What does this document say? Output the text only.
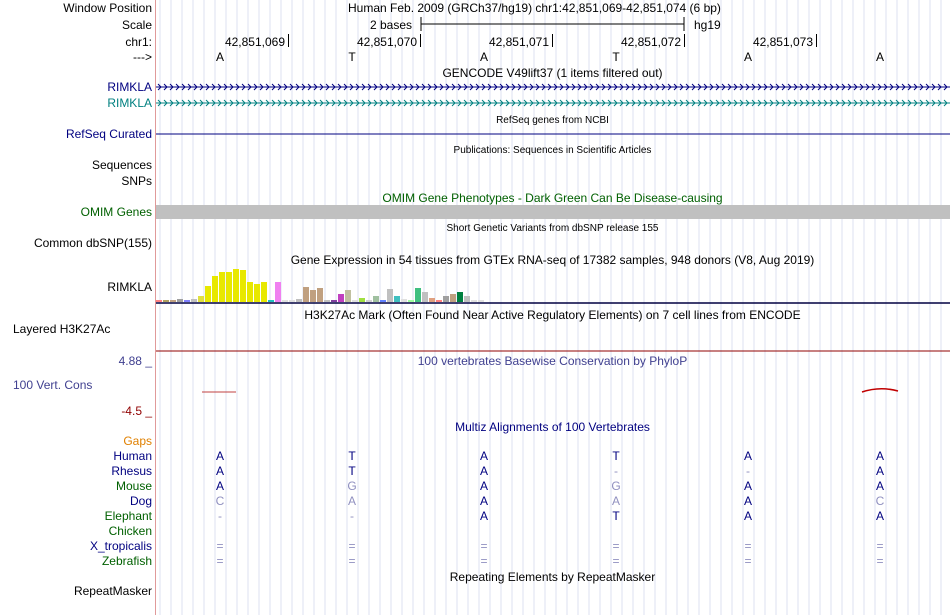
Window Position	Human Feb. 2009 (GRCh37/hg19) chr1:42,851,069-42,851,074 (6 bp)
Scale	2 bases	hg19
chr1:	42,851,069	42,851,070	42,851,071	42,851,072	42,851,073
--->	A	T	A	T	A	A
GENCODE V49lift37 (1 items filtered out)
RIMKLA
RIMKLA
RefSeq genes from NCBI
RefSeq Curated
Publications: Sequences in Scientific Articles
Sequences
SNPs
OMIM Gene Phenotypes - Dark Green Can Be Disease-causing
OMIM Genes
Short Genetic Variants from dbSNP release 155
Common dbSNP(155)
Gene Expression in 54 tissues from GTEx RNA-seq of 17382 samples, 948 donors (V8, Aug 2019)
RIMKLA
H3K27Ac Mark (Often Found Near Active Regulatory Elements) on 7 cell lines from ENCODE
Layered H3K27Ac
100 vertebrates Basewise Conservation by PhyloP
4.88 _
100 Vert. Cons
-4.5 _
Multiz Alignments of 100 Vertebrates
Gaps
Human	A	T	A	T	A	A
Rhesus	A	T	A	-	-	A
Mouse	A	G	A	G	A	A
Dog	C	A	A	A	A	C
Elephant	-	-	A	T	A	A
Chicken
X_tropicalis	=	=	=	=	=	=
Zebrafish	=	=	=	=	=	=
Repeating Elements by RepeatMasker
RepeatMasker
